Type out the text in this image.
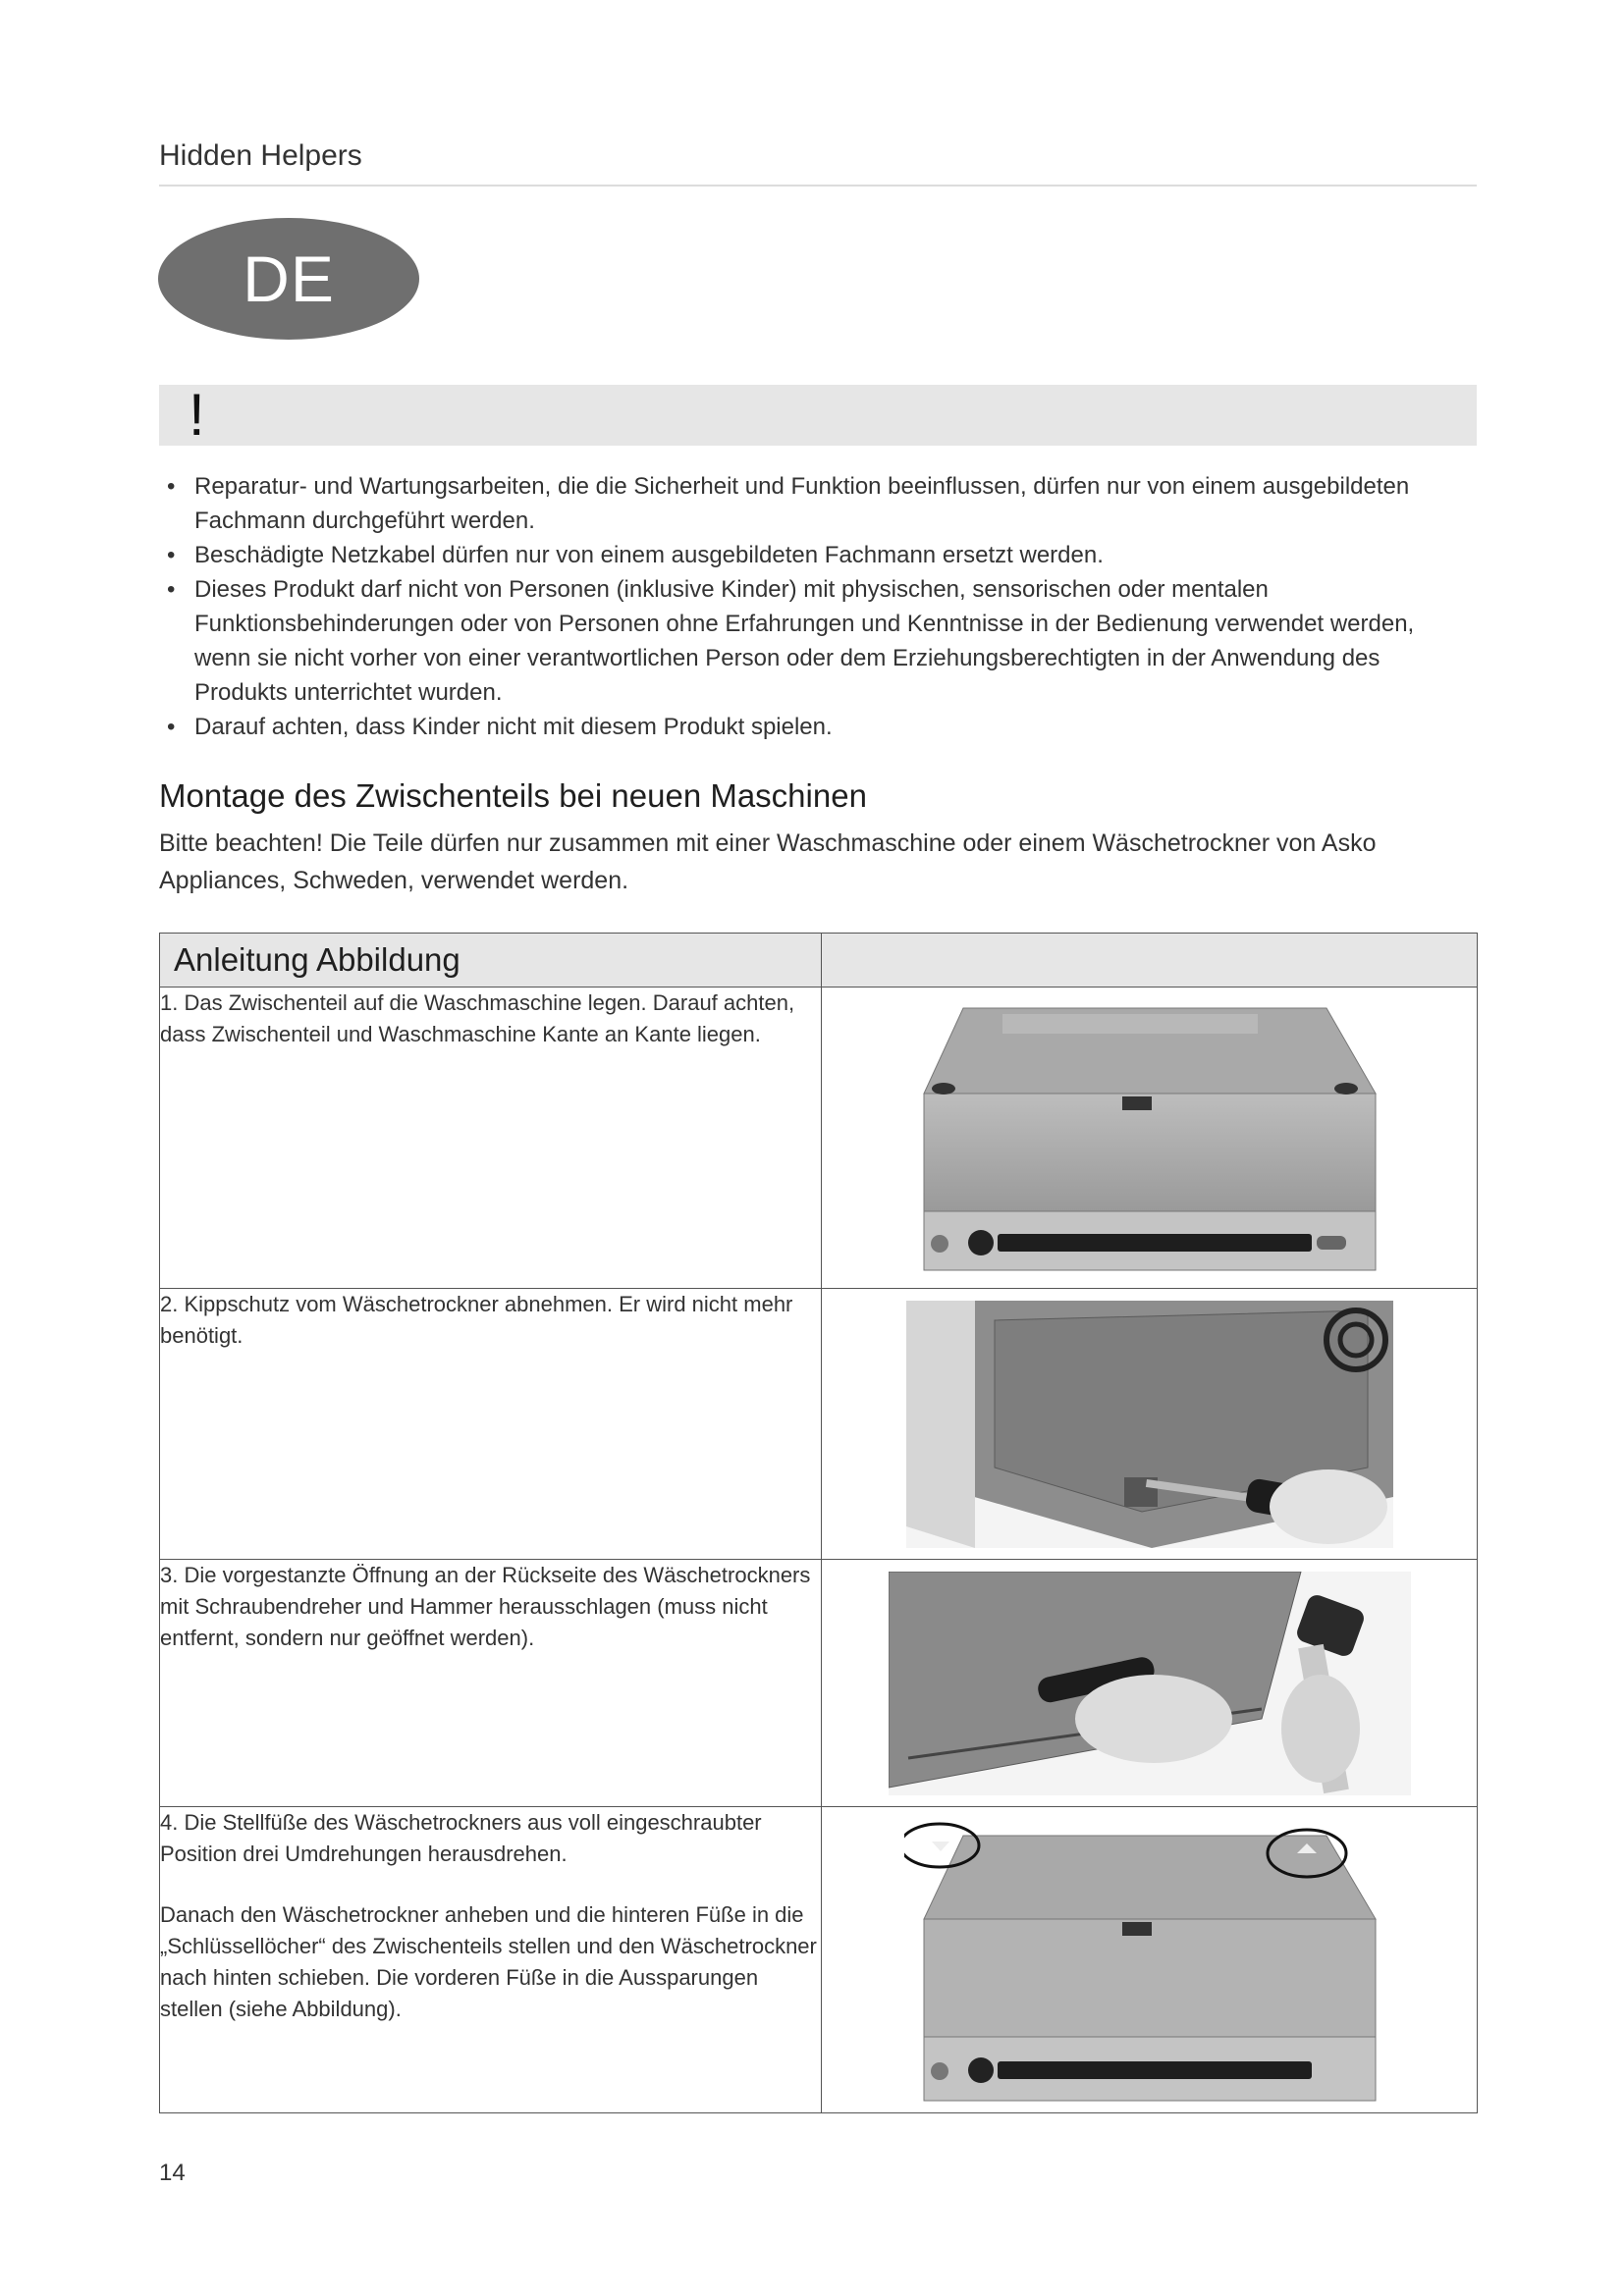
Hidden Helpers
DE
!
• Reparatur- und Wartungsarbeiten, die die Sicherheit und Funktion beeinflussen, dürfen nur von einem ausgebildeten Fachmann durchgeführt werden.
• Beschädigte Netzkabel dürfen nur von einem ausgebildeten Fachmann ersetzt werden.
• Dieses Produkt darf nicht von Personen (inklusive Kinder) mit physischen, sensorischen oder mentalen Funktionsbehinderungen oder von Personen ohne Erfahrungen und Kenntnisse in der Bedienung verwendet werden, wenn sie nicht vorher von einer verantwortlichen Person oder dem Erziehungsberechtigten in der Anwendung des Produkts unterrichtet wurden.
• Darauf achten, dass Kinder nicht mit diesem Produkt spielen.
Montage des Zwischenteils bei neuen Maschinen
Bitte beachten! Die Teile dürfen nur zusammen mit einer Waschmaschine oder einem Wäschetrockner von Asko Appliances, Schweden, verwendet werden.
Anleitung Abbildung	

1. Das Zwischenteil auf die Waschmaschine legen. Darauf achten, dass Zwischenteil und Waschmaschine Kante an Kante liegen.

2. Kippschutz vom Wäschetrockner abnehmen. Er wird nicht mehr benötigt.

3. Die vorgestanzte Öffnung an der Rückseite des Wäschetrockners mit Schraubendreher und Hammer herausschlagen (muss nicht entfernt, sondern nur geöffnet werden).

4. Die Stellfüße des Wäschetrockners aus voll eingeschraubter Position drei Umdrehungen herausdrehen.

Danach den Wäschetrockner anheben und die hinteren Füße in die „Schlüssellöcher“ des Zwischenteils stellen und den Wäschetrockner nach hinten schieben. Die vorderen Füße in die Aussparungen stellen (siehe Abbildung).

14
